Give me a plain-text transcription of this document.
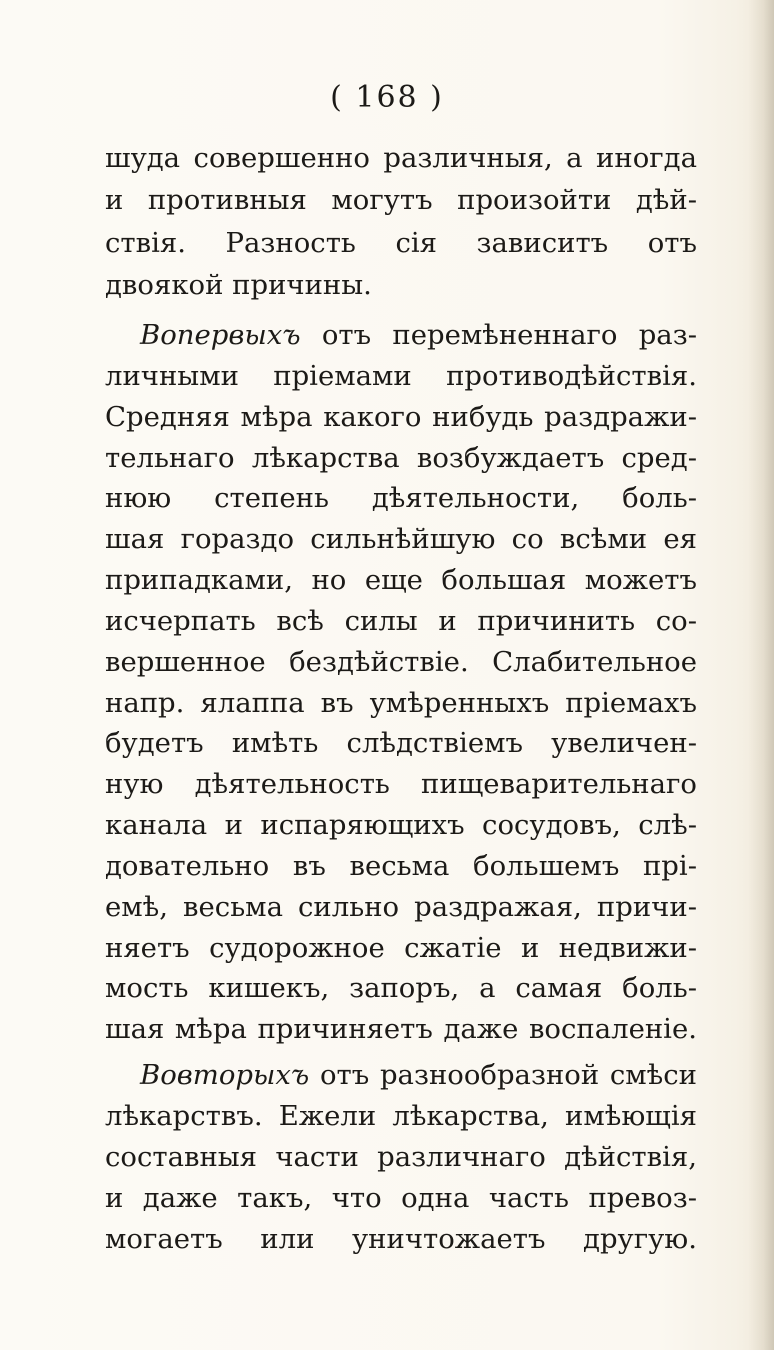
( 168 )
шуда совершенно различныя, а иногда
и противныя могутъ произойти дѣй-
ствія. Разность сія зависитъ отъ
двоякой причины.
Вопервыхъ отъ перемѣненнаго раз-
личными пріемами противодѣйствія.
Средняя мѣра какого нибудь раздражи-
тельнаго лѣкарства возбуждаетъ сред-
нюю степень дѣятельности, боль-
шая гораздо сильнѣйшую со всѣми ея
припадками, но еще большая можетъ
исчерпать всѣ силы и причинить со-
вершенное бездѣйствіе. Слабительное
напр. ялаппа въ умѣренныхъ пріемахъ
будетъ имѣть слѣдствіемъ увеличен-
ную дѣятельность пищеварительнаго
канала и испаряющихъ сосудовъ, слѣ-
довательно въ весьма большемъ прі-
емѣ, весьма сильно раздражая, причи-
няетъ судорожное сжатіе и недвижи-
мость кишекъ, запоръ, а самая боль-
шая мѣра причиняетъ даже воспаленіе.
Вовторыхъ отъ разнообразной смѣси
лѣкарствъ. Ежели лѣкарства, имѣющія
составныя части различнаго дѣйствія,
и даже такъ, что одна часть превоз-
могаетъ или уничтожаетъ другую.
